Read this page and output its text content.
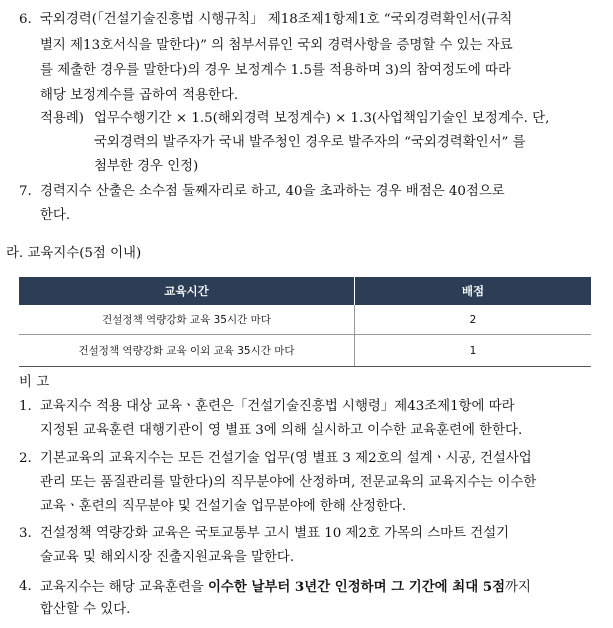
6. 국외경력(「건설기술진흥법 시행규칙」 제18조제1항제1호 “국외경력확인서(규칙
별지 제13호서식을 말한다)” 의 첨부서류인 국외 경력사항을 증명할 수 있는 자료
를 제출한 경우를 말한다)의 경우 보정계수 1.5를 적용하며 3)의 참여정도에 따라
해당 보정계수를 곱하여 적용한다.
적용례) 업무수행기간 × 1.5(해외경력 보정계수) × 1.3(사업책임기술인 보정계수. 단,
국외경력의 발주자가 국내 발주청인 경우로 발주자의 “국외경력확인서” 를
첨부한 경우 인정)
7. 경력지수 산출은 소수점 둘째자리로 하고, 40을 초과하는 경우 배점은 40점으로
한다.
라. 교육지수(5점 이내)
교육시간	배점
건설정책 역량강화 교육 35시간 마다	2
건설정책 역량강화 교육 이외 교육 35시간 마다	1
비 고
1. 교육지수 적용 대상 교육ㆍ훈련은「건설기술진흥법 시행령」제43조제1항에 따라
지정된 교육훈련 대행기관이 영 별표 3에 의해 실시하고 이수한 교육훈련에 한한다.
2. 기본교육의 교육지수는 모든 건설기술 업무(영 별표 3 제2호의 설계ㆍ시공, 건설사업
관리 또는 품질관리를 말한다)의 직무분야에 산정하며, 전문교육의 교육지수는 이수한
교육ㆍ훈련의 직무분야 및 건설기술 업무분야에 한해 산정한다.
3. 건설정책 역량강화 교육은 국토교통부 고시 별표 10 제2호 가목의 스마트 건설기
술교육 및 해외시장 진출지원교육을 말한다.
4. 교육지수는 해당 교육훈련을 이수한 날부터 3년간 인정하며 그 기간에 최대 5점까지
합산할 수 있다.
